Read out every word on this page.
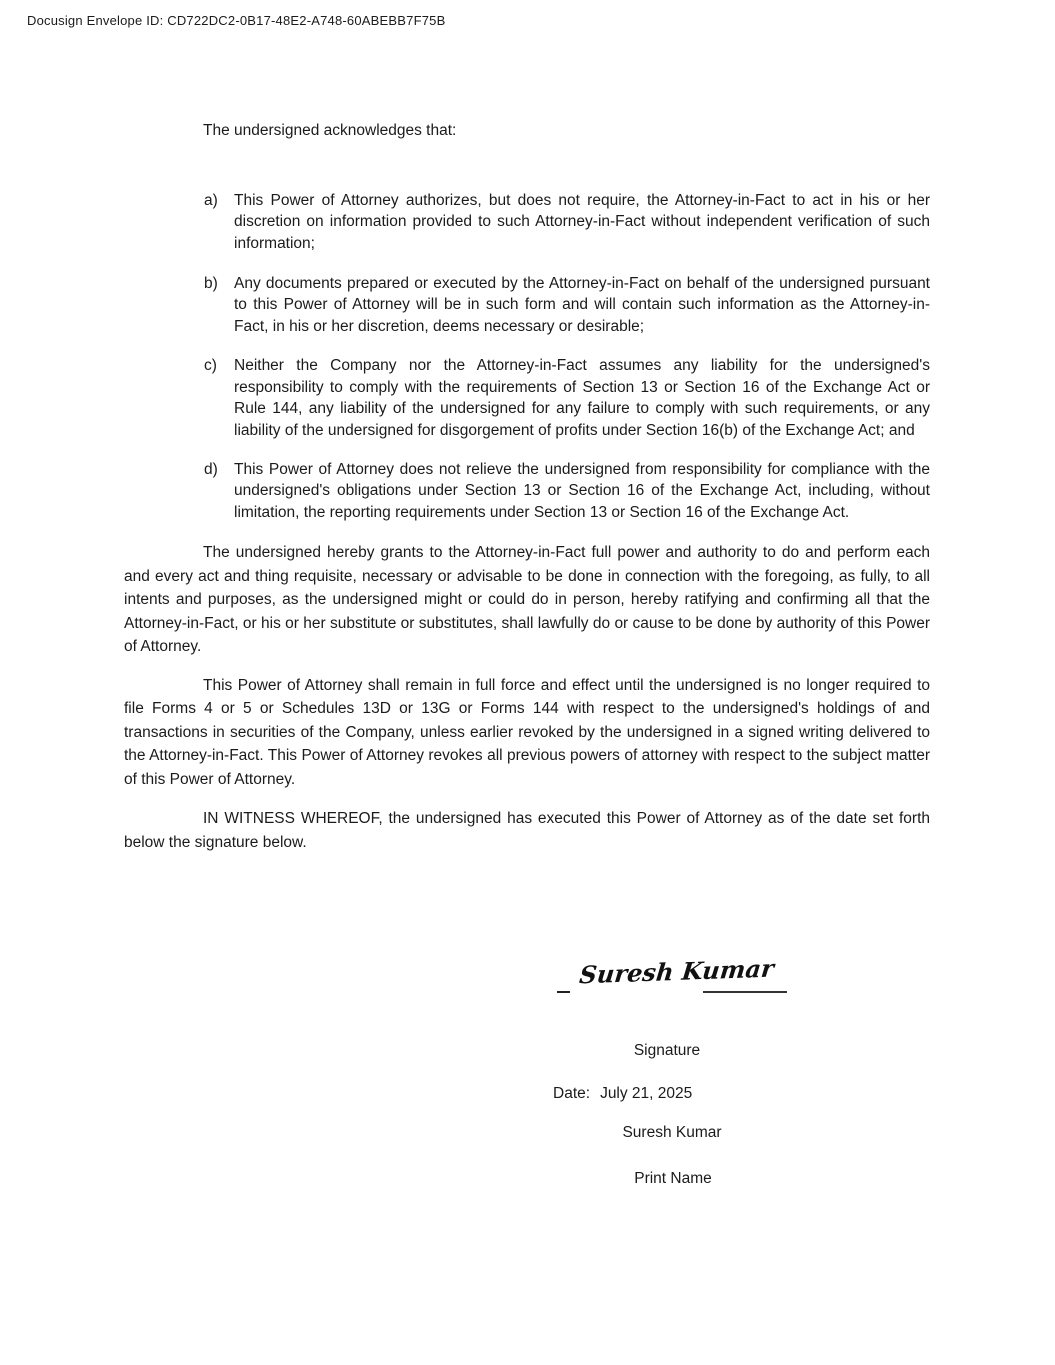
Docusign Envelope ID: CD722DC2-0B17-48E2-A748-60ABEBB7F75B

The undersigned acknowledges that:

a)	This Power of Attorney authorizes, but does not require, the Attorney-in-Fact to act in his or her discretion on information provided to such Attorney-in-Fact without independent verification of such information;
b)	Any documents prepared or executed by the Attorney-in-Fact on behalf of the undersigned pursuant to this Power of Attorney will be in such form and will contain such information as the Attorney-in-Fact, in his or her discretion, deems necessary or desirable;
c)	Neither the Company nor the Attorney-in-Fact assumes any liability for the undersigned's responsibility to comply with the requirements of Section 13 or Section 16 of the Exchange Act or Rule 144, any liability of the undersigned for any failure to comply with such requirements, or any liability of the undersigned for disgorgement of profits under Section 16(b) of the Exchange Act; and
d)	This Power of Attorney does not relieve the undersigned from responsibility for compliance with the undersigned's obligations under Section 13 or Section 16 of the Exchange Act, including, without limitation, the reporting requirements under Section 13 or Section 16 of the Exchange Act.

The undersigned hereby grants to the Attorney-in-Fact full power and authority to do and perform each and every act and thing requisite, necessary or advisable to be done in connection with the foregoing, as fully, to all intents and purposes, as the undersigned might or could do in person, hereby ratifying and confirming all that the Attorney-in-Fact, or his or her substitute or substitutes, shall lawfully do or cause to be done by authority of this Power of Attorney.

This Power of Attorney shall remain in full force and effect until the undersigned is no longer required to file Forms 4 or 5 or Schedules 13D or 13G or Forms 144 with respect to the undersigned's holdings of and transactions in securities of the Company, unless earlier revoked by the undersigned in a signed writing delivered to the Attorney-in-Fact. This Power of Attorney revokes all previous powers of attorney with respect to the subject matter of this Power of Attorney.

IN WITNESS WHEREOF, the undersigned has executed this Power of Attorney as of the date set forth below the signature below.

Suresh Kumar
Signature
Date: July 21, 2025
Suresh Kumar
Print Name
